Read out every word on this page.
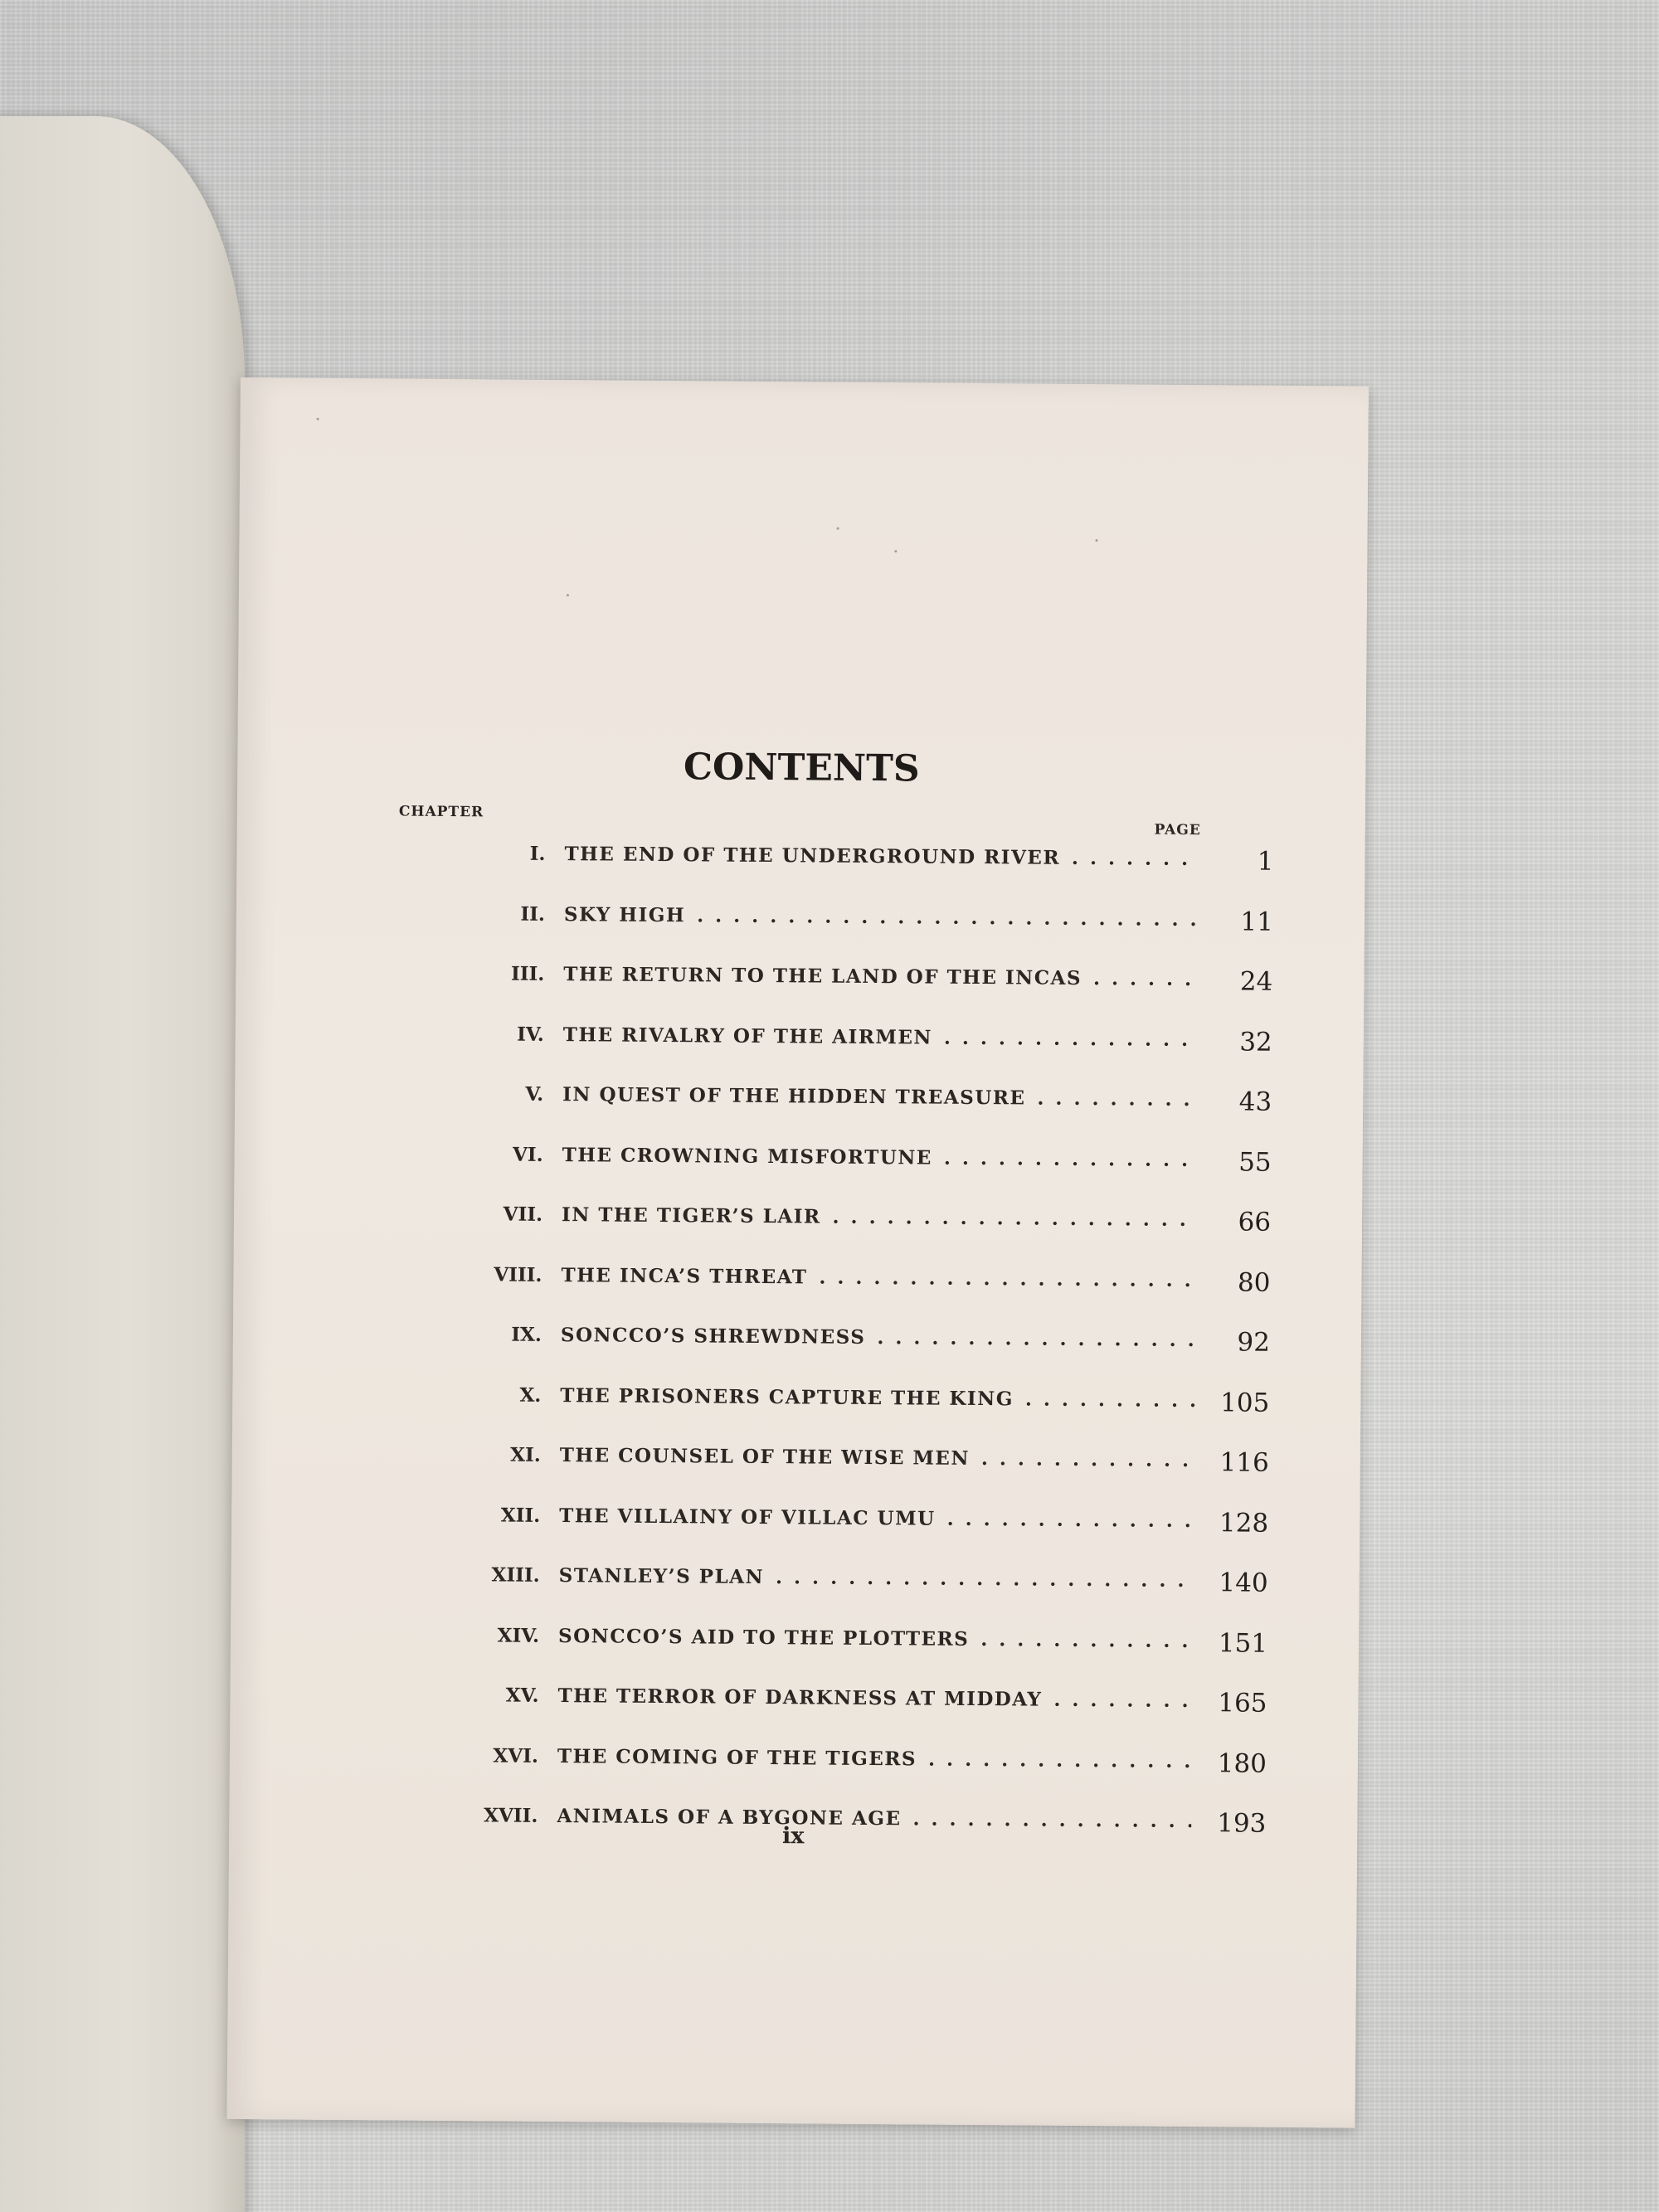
CONTENTS
CHAPTER
PAGE
I. THE END OF THE UNDERGROUND RIVER . . .	1
II. SKY HIGH . . .	11
III. THE RETURN TO THE LAND OF THE INCAS . . .	24
IV. THE RIVALRY OF THE AIRMEN . . .	32
V. IN QUEST OF THE HIDDEN TREASURE . . .	43
VI. THE CROWNING MISFORTUNE . . .	55
VII. IN THE TIGER’S LAIR . . .	66
VIII. THE INCA’S THREAT . . .	80
IX. SONCCO’S SHREWDNESS . . .	92
X. THE PRISONERS CAPTURE THE KING . . .	105
XI. THE COUNSEL OF THE WISE MEN . . .	116
XII. THE VILLAINY OF VILLAC UMU . . .	128
XIII. STANLEY’S PLAN . . .	140
XIV. SONCCO’S AID TO THE PLOTTERS . . .	151
XV. THE TERROR OF DARKNESS AT MIDDAY . . .	165
XVI. THE COMING OF THE TIGERS . . .	180
XVII. ANIMALS OF A BYGONE AGE . . .	193
ix
